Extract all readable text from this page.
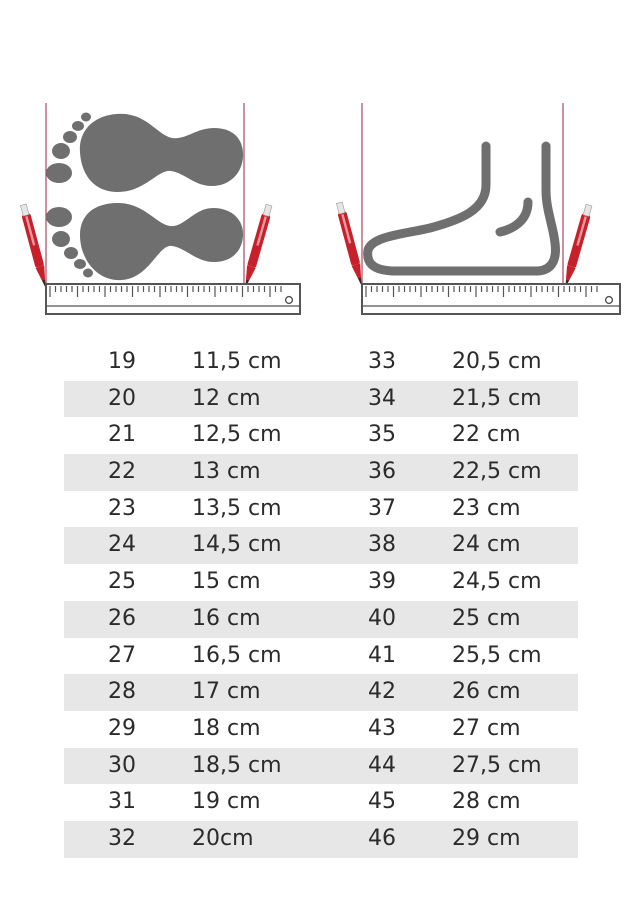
19	11,5 cm	33	20,5 cm
20	12 cm	34	21,5 cm
21	12,5 cm	35	22 cm
22	13 cm	36	22,5 cm
23	13,5 cm	37	23 cm
24	14,5 cm	38	24 cm
25	15 cm	39	24,5 cm
26	16 cm	40	25 cm
27	16,5 cm	41	25,5 cm
28	17 cm	42	26 cm
29	18 cm	43	27 cm
30	18,5 cm	44	27,5 cm
31	19 cm	45	28 cm
32	20cm	46	29 cm
